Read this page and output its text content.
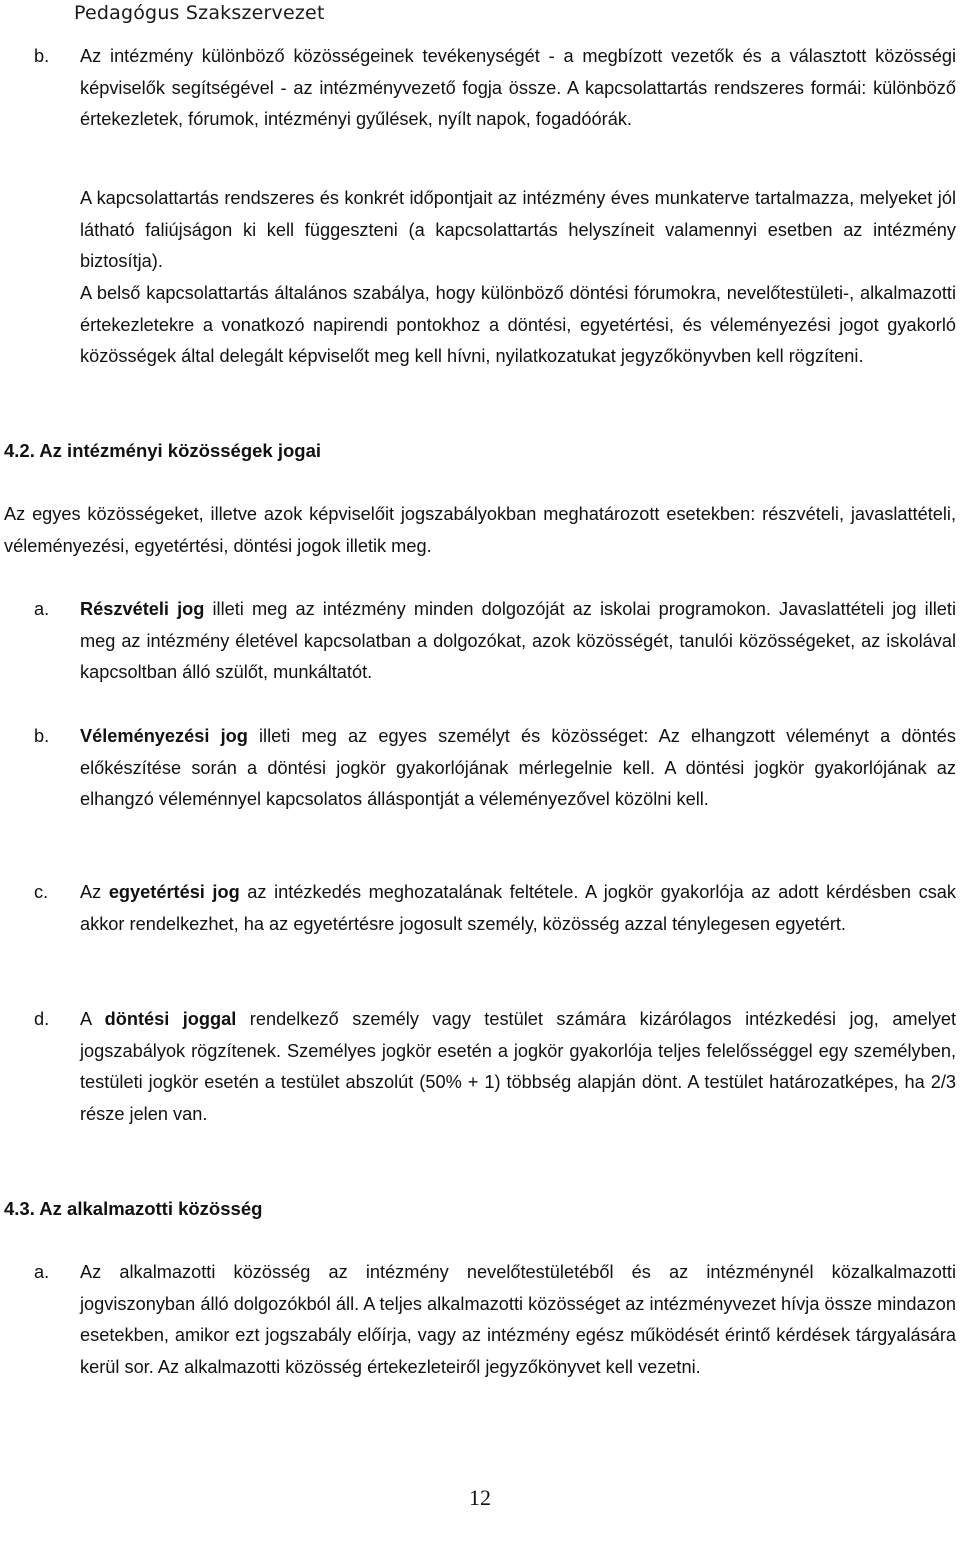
Pedagógus Szakszervezet

b. Az intézmény különböző közösségeinek tevékenységét - a megbízott vezetők és a választott közösségi képviselők segítségével - az intézményvezető fogja össze. A kapcsolattartás rendszeres formái: különböző értekezletek, fórumok, intézményi gyűlések, nyílt napok, fogadóórák.

A kapcsolattartás rendszeres és konkrét időpontjait az intézmény éves munkaterve tartalmazza, melyeket jól látható faliújságon ki kell függeszteni (a kapcsolattartás helyszíneit valamennyi esetben az intézmény biztosítja).

A belső kapcsolattartás általános szabálya, hogy különböző döntési fórumokra, nevelőtestületi-, alkalmazotti értekezletekre a vonatkozó napirendi pontokhoz a döntési, egyetértési, és véleményezési jogot gyakorló közösségek által delegált képviselőt meg kell hívni, nyilatkozatukat jegyzőkönyvben kell rögzíteni.

4.2. Az intézményi közösségek jogai

Az egyes közösségeket, illetve azok képviselőit jogszabályokban meghatározott esetekben: részvételi, javaslattételi, véleményezési, egyetértési, döntési jogok illetik meg.

a. Részvételi jog illeti meg az intézmény minden dolgozóját az iskolai programokon. Javaslattételi jog illeti meg az intézmény életével kapcsolatban a dolgozókat, azok közösségét, tanulói közösségeket, az iskolával kapcsoltban álló szülőt, munkáltatót.

b. Véleményezési jog illeti meg az egyes személyt és közösséget: Az elhangzott véleményt a döntés előkészítése során a döntési jogkör gyakorlójának mérlegelnie kell. A döntési jogkör gyakorlójának az elhangzó véleménnyel kapcsolatos álláspontját a véleményezővel közölni kell.

c. Az egyetértési jog az intézkedés meghozatalának feltétele. A jogkör gyakorlója az adott kérdésben csak akkor rendelkezhet, ha az egyetértésre jogosult személy, közösség azzal ténylegesen egyetért.

d. A döntési joggal rendelkező személy vagy testület számára kizárólagos intézkedési jog, amelyet jogszabályok rögzítenek. Személyes jogkör esetén a jogkör gyakorlója teljes felelősséggel egy személyben, testületi jogkör esetén a testület abszolút (50% + 1) többség alapján dönt. A testület határozatképes, ha 2/3 része jelen van.

4.3. Az alkalmazotti közösség

a. Az alkalmazotti közösség az intézmény nevelőtestületéből és az intézménynél közalkalmazotti jogviszonyban álló dolgozókból áll. A teljes alkalmazotti közösséget az intézményvezet hívja össze mindazon esetekben, amikor ezt jogszabály előírja, vagy az intézmény egész működését érintő kérdések tárgyalására kerül sor. Az alkalmazotti közösség értekezleteiről jegyzőkönyvet kell vezetni.

12
